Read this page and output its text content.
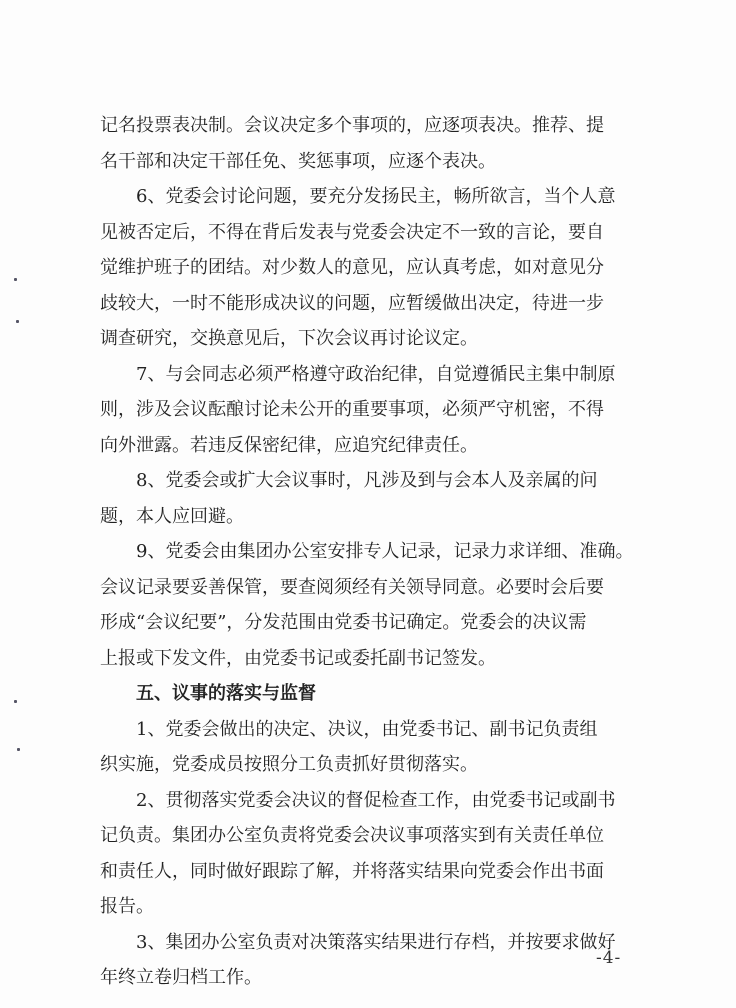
记名投票表决制。会议决定多个事项的，应逐项表决。推荐、提
名干部和决定干部任免、奖惩事项，应逐个表决。
6、党委会讨论问题，要充分发扬民主，畅所欲言，当个人意
见被否定后，不得在背后发表与党委会决定不一致的言论，要自
觉维护班子的团结。对少数人的意见，应认真考虑，如对意见分
歧较大，一时不能形成决议的问题，应暂缓做出决定，待进一步
调查研究，交换意见后，下次会议再讨论议定。
7、与会同志必须严格遵守政治纪律，自觉遵循民主集中制原
则，涉及会议酝酿讨论未公开的重要事项，必须严守机密，不得
向外泄露。若违反保密纪律，应追究纪律责任。
8、党委会或扩大会议事时，凡涉及到与会本人及亲属的问
题，本人应回避。
9、党委会由集团办公室安排专人记录，记录力求详细、准确。
会议记录要妥善保管，要查阅须经有关领导同意。必要时会后要
形成“会议纪要”，分发范围由党委书记确定。党委会的决议需
上报或下发文件，由党委书记或委托副书记签发。
五、议事的落实与监督
1、党委会做出的决定、决议，由党委书记、副书记负责组
织实施，党委成员按照分工负责抓好贯彻落实。
2、贯彻落实党委会决议的督促检查工作，由党委书记或副书
记负责。集团办公室负责将党委会决议事项落实到有关责任单位
和责任人，同时做好跟踪了解，并将落实结果向党委会作出书面
报告。
3、集团办公室负责对决策落实结果进行存档，并按要求做好
年终立卷归档工作。
-4-
